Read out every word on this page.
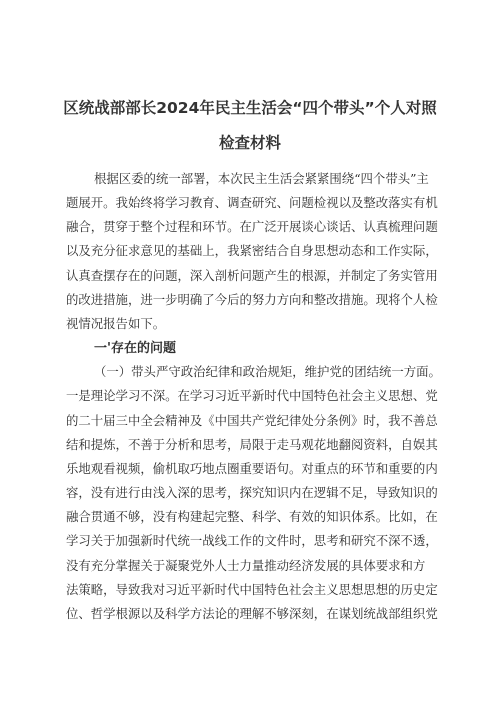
区统战部部长2024年民主生活会“四个带头”个人对照
检查材料

根据区委的统一部署，本次民主生活会紧紧围绕“四个带头”主

题展开。我始终将学习教育、调查研究、问题检视以及整改落实有机

融合，贯穿于整个过程和环节。在广泛开展谈心谈话、认真梳理问题

以及充分征求意见的基础上，我紧密结合自身思想动态和工作实际，

认真查摆存在的问题，深入剖析问题产生的根源，并制定了务实管用

的改进措施，进一步明确了今后的努力方向和整改措施。现将个人检

视情况报告如下。

一'存在的问题

（一）带头严守政治纪律和政治规矩，维护党的团结统一方面。

一是理论学习不深。在学习习近平新时代中国特色社会主义思想、党

的二十届三中全会精神及《中国共产党纪律处分条例》时，我不善总

结和提炼，不善于分析和思考，局限于走马观花地翻阅资料，自娱其

乐地观看视频，偷机取巧地点圈重要语句。对重点的环节和重要的内

容，没有进行由浅入深的思考，探究知识内在逻辑不足，导致知识的

融合贯通不够，没有构建起完整、科学、有效的知识体系。比如，在

学习关于加强新时代统一战线工作的文件时，思考和研究不深不透，

没有充分掌握关于凝聚党外人士力量推动经济发展的具体要求和方

法策略，导致我对习近平新时代中国特色社会主义思想思想的历史定

位、哲学根源以及科学方法论的理解不够深刻，在谋划统战部组织党
